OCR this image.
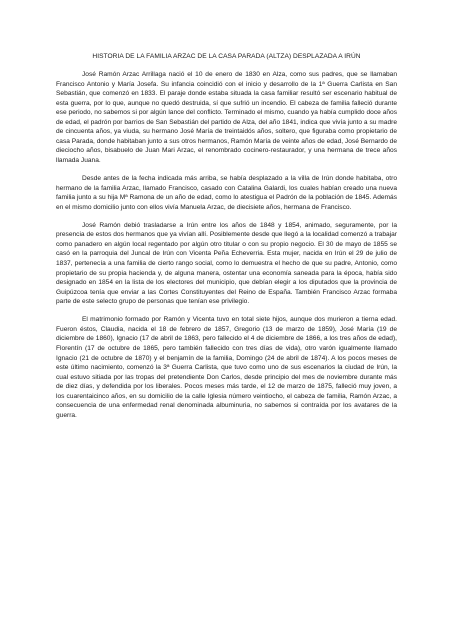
HISTORIA DE LA FAMILIA ARZAC DE LA CASA PARADA (ALTZA) DESPLAZADA A IRÚN

José Ramón Arzac Arrillaga nació el 10 de enero de 1830 en Alza, como sus padres, que se llamaban Francisco Antonio y María Josefa. Su infancia coincidió con el inicio y desarrollo de la 1ª Guerra Carlista en San Sebastián, que comenzó en 1833. El paraje donde estaba situada la casa familiar resultó ser escenario habitual de esta guerra, por lo que, aunque no quedó destruida, sí que sufrió un incendio. El cabeza de familia falleció durante ese periodo, no sabemos si por algún lance del conflicto. Terminado el mismo, cuando ya había cumplido doce años de edad, el padrón por barrios de San Sebastián del partido de Alza, del año 1841, indica que vivía junto a su madre de cincuenta años, ya viuda, su hermano José María de treintaidós años, soltero, que figuraba como propietario de casa Parada, donde habitaban junto a sus otros hermanos, Ramón María de veinte años de edad, José Bernardo de dieciocho años, bisabuelo de Juan Mari Arzac, el renombrado cocinero-restaurador, y una hermana de trece años llamada Juana.

Desde antes de la fecha indicada más arriba, se había desplazado a la villa de Irún donde habitaba, otro hermano de la familia Arzac, llamado Francisco, casado con Catalina Galardi, los cuales habían creado una nueva familia junto a su hija Mª Ramona de un año de edad, como lo atestigua el Padrón de la población de 1845. Además en el mismo domicilio junto con ellos vivía Manuela Arzac, de diecisiete años, hermana de Francisco.

José Ramón debió trasladarse a Irún entre los años de 1848 y 1854, animado, seguramente, por la presencia de estos dos hermanos que ya vivían allí. Posiblemente desde que llegó a la localidad comenzó a trabajar como panadero en algún local regentado por algún otro titular o con su propio negocio. El 30 de mayo de 1855 se casó en la parroquia del Juncal de Irún con Vicenta Peña Echeverria. Esta mujer, nacida en Irún el 29 de julio de 1837, pertenecía a una familia de cierto rango social, como lo demuestra el hecho de que su padre, Antonio, como propietario de su propia hacienda y, de alguna manera, ostentar una economía saneada para la época, había sido designado en 1854 en la lista de los electores del municipio, que debían elegir a los diputados que la provincia de Guipúzcoa tenía que enviar a las Cortes Constituyentes del Reino de España. También Francisco Arzac formaba parte de este selecto grupo de personas que tenían ese privilegio.

El matrimonio formado por Ramón y Vicenta tuvo en total siete hijos, aunque dos murieron a tierna edad. Fueron éstos, Claudia, nacida el 18 de febrero de 1857, Gregorio (13 de marzo de 1859), José María (19 de diciembre de 1860), Ignacio (17 de abril de 1863, pero fallecido el 4 de diciembre de 1866, a los tres años de edad), Florentín (17 de octubre de 1865, pero también fallecido con tres días de vida), otro varón igualmente llamado Ignacio (21 de octubre de 1870) y el benjamín de la familia, Domingo (24 de abril de 1874). A los pocos meses de este último nacimiento, comenzó la 3ª Guerra Carlista, que tuvo como uno de sus escenarios la ciudad de Irún, la cual estuvo sitiada por las tropas del pretendiente Don Carlos, desde principio del mes de noviembre durante más de diez días, y defendida por los liberales. Pocos meses más tarde, el 12 de marzo de 1875, falleció muy joven, a los cuarentaicinco años, en su domicilio de la calle Iglesia número veintiocho, el cabeza de familia, Ramón Arzac, a consecuencia de una enfermedad renal denominada albuminuria, no sabemos si contraída por los avatares de la guerra.
